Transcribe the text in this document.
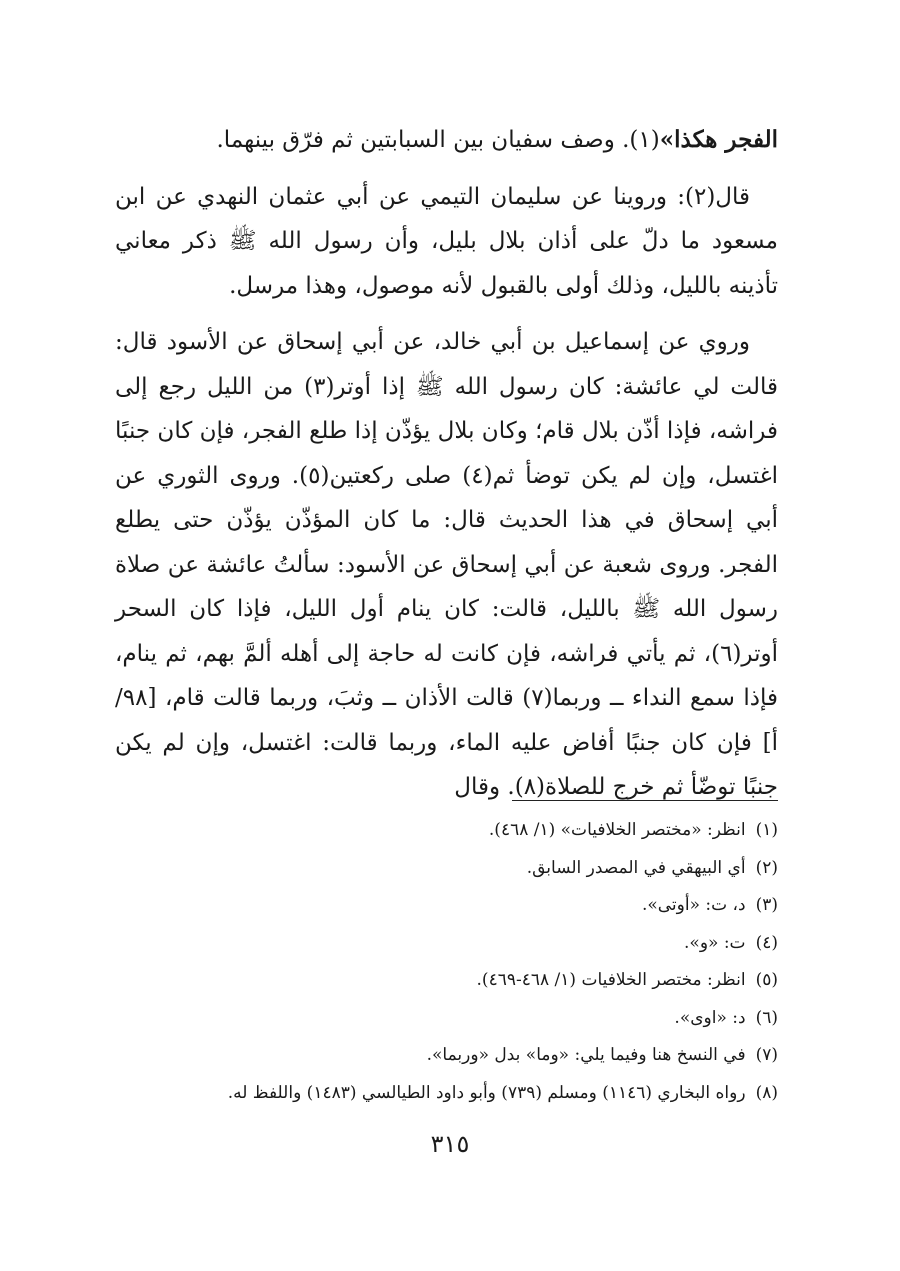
الفجر هكذا»(١). وصف سفيان بين السبابتين ثم فرّق بينهما.

قال(٢): وروينا عن سليمان التيمي عن أبي عثمان النهدي عن ابن مسعود ما دلّ على أذان بلال بليل، وأن رسول الله ﷺ ذكر معاني تأذينه بالليل، وذلك أولى بالقبول لأنه موصول، وهذا مرسل.

وروي عن إسماعيل بن أبي خالد، عن أبي إسحاق عن الأسود قال: قالت لي عائشة: كان رسول الله ﷺ إذا أوتر(٣) من الليل رجع إلى فراشه، فإذا أذّن بلال قام؛ وكان بلال يؤذّن إذا طلع الفجر، فإن كان جنبًا اغتسل، وإن لم يكن توضأ ثم(٤) صلى ركعتين(٥). وروى الثوري عن أبي إسحاق في هذا الحديث قال: ما كان المؤذّن يؤذّن حتى يطلع الفجر. وروى شعبة عن أبي إسحاق عن الأسود: سألتُ عائشة عن صلاة رسول الله ﷺ بالليل، قالت: كان ينام أول الليل، فإذا كان السحر أوتر(٦)، ثم يأتي فراشه، فإن كانت له حاجة إلى أهله ألمَّ بهم، ثم ينام، فإذا سمع النداء ــ وربما(٧) قالت الأذان ــ وثبَ، وربما قالت قام، [٩٨/ أ] فإن كان جنبًا أفاض عليه الماء، وربما قالت: اغتسل، وإن لم يكن جنبًا توضّأ ثم خرج للصلاة(٨). وقال

(١)انظر: «مختصر الخلافيات» (١/ ٤٦٨).
(٢)أي البيهقي في المصدر السابق.
(٣)د، ت: «أوتى».
(٤)ت: «و».
(٥)انظر: مختصر الخلافيات (١/ ٤٦٨-٤٦٩).
(٦)د: «اوى».
(٧)في النسخ هنا وفيما يلي: «وما» بدل «وربما».
(٨)رواه البخاري (١١٤٦) ومسلم (٧٣٩) وأبو داود الطيالسي (١٤٨٣) واللفظ له.
٣١٥
